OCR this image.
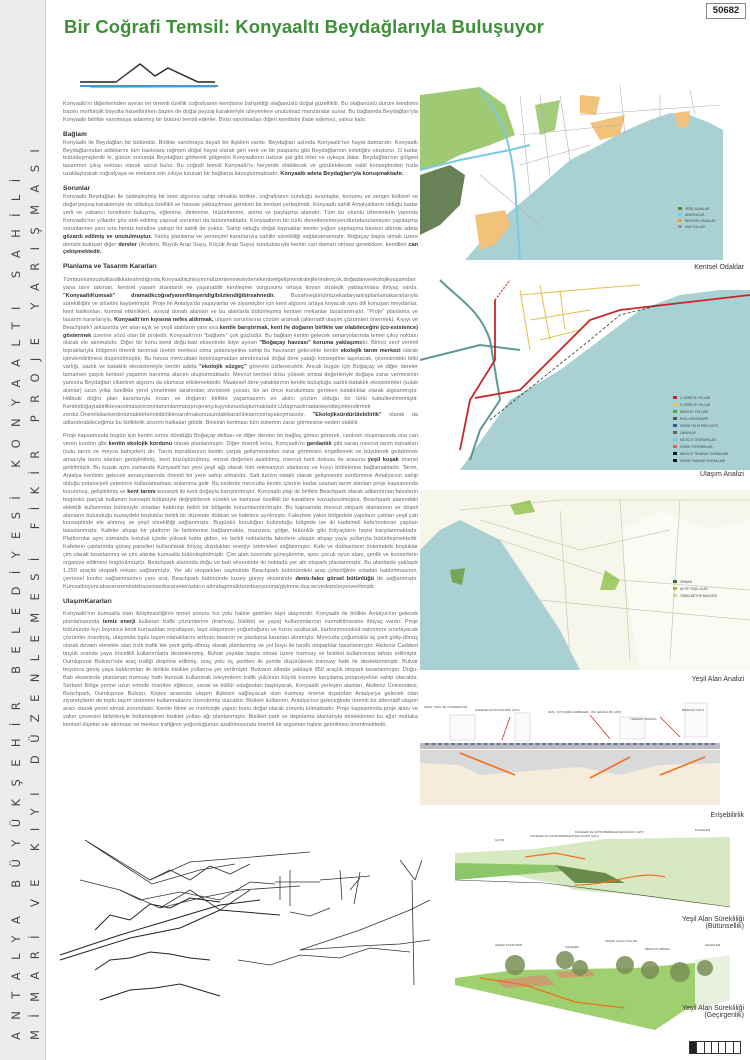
ANTALYA BÜYÜKŞEHİR BELEDİYESİ KONYAALTI SAHİLİ MİMARİ VE KIYI DÜZENLEMESİ FİKİR PROJE YARIŞMASI
50682
Bir Coğrafi Temsil: Konyaaltı Beydağlarıyla Buluşuyor

Konyaaltı'nı diğerlerinden ayıran en önemli özellik coğrafyanın kendisine bahşettiği olağanüstü doğal güzelliktir. Bu olağanüstü durum kendisini bazen morfolojik boyutta hissettirirken bazen de doğal peyzaj karakteriyle izleyenlere unutulmaz manzaralar sunar. Bu bağlamda Beydağları'yla Konyaaltı birlikte varolmaya adanmış bir bütünü temsil ederler. Birisi varolmadan diğeri kendisini ifade edemez, yalnız kalır.

Bağlam

Konyaaltı ile Beydağları bir bütündür. Birlikte varolmaya dayalı bir ilişkileri vardır. Beydağları aslında Konyaaltı'nın hayat damarıdır. Konyaaltı Beydağlarından aldıklarını tüm baskılara rağmen doğal hayat olarak geri verir ve bir paspartu gibi Beydağlarının estetiğini oluşturur. O kadar bütünleşmişlerdir ki, günün sonunda Beydağları görkemli gölgesini Konyaaltının üstüne şal gibi örter ve uykuya dalar. Beydağları'nın gölgesi tasarımın çıkış noktası olarak vücut bulur. Bu coğrafi temsil Konyaaltı'nı heryerde olabilecek ve görülebilecek sahil konseptinden hızla uzaklaştırarak coğrafyaya ve mekana sıkı sıkıya tutunan bir bağlama kavuşturmaktadır. Konyaaltı adeta Beydağları'yla konuşmaktadır.

Sorunlar

Konyaaltı Beydağları ile özdeşleşmiş bir kent algısına sahip olmakla birlikte, coğrafyanın sunduğu avantajlar, konumu ve zengin kültürel ve doğal peyzaj karakteriyle de oldukça özellikli ve hassas yaklaşılması gereken bir kentsel yerleşimdir. Konyaaltı sahili Antalyalıların olduğu kadar yerli ve yabancı turistlerin buluşma, eğlenme, dinlenme, hüzünlenme, anma ve paylaşma alanıdır. Tüm bu olumlu izlenimlerin yanında Konyaaltı'nın yıllardır göz ardı edilmiş yapısal sorunları da bulunmaktadır. Konyaaltının bir türlü denetlenemeyen/durudurulamayan yapılaşma sorunlarının yanı sıra henüz kendine yakışır bir sahili de yoktur. Sahip olduğu doğal kaynaklar kentin yoğun yapılaşma baskısı altında adeta gözardı edilmiş ve unutulmuştur. Yanlış planlama ve yerseçimi kararlarıyla sahilin sürekliliği sağlanamamıştır. Boğaçay başta olmak üzere denizle buluşan diğer dereler (Arıdere, Büyük Arap Suyu, Küçük Arap Suyu) sunduklarıyla kentin can damarı olması gerekirken, kendileri can çekişmektedir.

Planlama ve Tasarım Kararları

Tümbuolumsuzluklardikkatealındığında,Konyaaltıiçinkıyınındüzenlenmesindenekentselgelişmestratejilerindençok,doğadanveekolojikyaşamdan yana tavır takınan, kentsel yaşam standardı ve yaşanabilir kentleşme vurgusunu ortaya koyan stratejik yaklaşımlara ihtiyaç vardır. "KonyaaltıKumsalı" dramatikcoğrafyanınfilmşeridigibiizlendiğibirsahnedir.	Busahnegünümüzekadaryanlışplanlamakararlarıyla sürekliliğini ve silüetini kaybetmiştir. Proje ile Antalya'da yaşayanlar ve ziyaretçiler için kent algısını ortaya koyacak aynı dili konuşan meydanlar, kent balkonları, kumsal etkinlikleri, sosyal donatı alanları ve bu alanlarla bütünleşmiş kentsel mekanlar tasarlanmıştır. "Proje" planlama ve tasarım kararlarıyla, Konyaaltı'nın kıyısına nefes aldırmak, ulaşım sorunlarına çözüm aramak (alternatif ulaşım çözümleri önermek), Kıyıyı ve Beachpark'ı arkasında yer alan açık ve yeşil alanların yanı sıra kentle barıştırmak, kent ile doğanın birlikte var olabileceğini (co-existence) göstermek üzerine sözü olan bir projedir. Konyaaltı'nın "bağlamı" çok güçlüdür. Bu bağlam kentin gelecek senaryolarında temel çıkış noktası olarak ele alınmalıdır. Diğer bir konu kenti doğu-batı ekseninde ikiye ayıran "Boğaçay havzası" koruma yaklaşımıdır. Birinci sınıf verimli topraklarıyla bölgenin önemli tarımsal üretim merkezi olma potansiyeline sahip bu havzanın gelecekte kentin ekolojik tarım merkezi olarak işlevlendirilmesi düşünülmüştür. Bu havza mevcuttaki betonlaşmadan arındırılarak doğal dere yatağı konseptine taşınacak, çevresindeki bitki varlığı, sazlık ve bataklık ekosistemiyle kentin adeta "ekolojik süzgeç" görevini üstlenecektir. Ancak bugün için Boğaçay ve diğer dereler tamamen çarpık kentsel yaşamın barınma alanını oluşturmaktadır. Mevcut kentsel doku yüksek emsal değerleriyle doğaya zarar vermesinin yanısıra Beydağları silüetinin algısını da olumsuz etkilemektedir. Maalesef dere yataklarının kentle buluştuğu sazlık-bataklık ekosistemler (sulak alanlar) uzun yıllar özellikle yerel yönetimler tarafından sivrisinek yuvası, bir an önce kurutulması gereken bataklıklar olarak algılanmıştır. Hâlbuki doğru plan kararlarıyla insan ve doğanın birlikte yaşamasının en akılcı çözüm olduğu bir türlü kabullenilmemiştir. Kentindoğaylabirliktevarolmasürecinintanımlanmasıprojeninçıkışyolunuoluşturmaktadır.Uzlaşmaolmadankentibiçimlendirmek zordur.Önemliolankentintümaktörlerininbirliktevarolmakonusundakikararlılıklarınıortayakoymasıdır. "Ekolojiksürdürülebilirlik" olarak da adlandırabileceğimiz bu birliktelik zincirin halkaları gibidir. Birisinin kırılması tüm sistemin zarar görmesine neden olabilir.

Proje kapsamında bugün için kentin sırtını döndüğü Boğaçay deltası ve diğer dereler bir bağlaç görevi görerek, canlının oluşmasında ona can veren kordon gibi kentin ekolojik kordonu olarak planlanmıştır. Diğer önemli konu, Konyaaltı'nı gerdanlık gibi saran mevcut tarım toprakları (sulu tarım ve meyva bahçeleri) dır. Tarım topraklarının kentin çarpık gelişmesinden zarar görmesini engellemek ve büyüterek geliştirmek amacıyla tarım alanları genişletilmiş, kent büzüştürülmüş, emsal değerleri azaltılmış, mevcut kent dokusu ile arasına yeşil kuşak önerisi getirilmiştir. Bu kuşak aynı zamanda Konyaaltı'nın yeni yeşil ağı olarak tüm rekreasyon alanlarını ve kıyıyı birbirlerine bağlamaktadır. Tarım, Antalya kentinin gelecek senaryolarında önemli bir yere sahip olmalıdır. Salt turizm odaklı olarak gelişmesini sürdürmesi Antalya'nın sahip olduğu potansiyeli yeterince kullanamaması anlamına gelir. Bu nedenle mevcutta kentin içlerine kadar uzanan tarım alanları proje kapsamında korunmuş, geliştirilmiş ve kent tarımı konsepti ile kent doğayla barıştırılmıştır. Konyaaltı plajı ile birlikte Beachpark olarak adlandırılan falezlerin bugünkü parçalı kullanım konsepti bütünüyle değiştirilerek sürekli ve kamusal özellikli bir karaktere kavuşturulmuştur. Beachpark alanındaki eklektik kullanımlar bütünüyle ortadan kaldırılıp belirli bir bölgede konumlandırılmıştır. Bu kapsamda mevcut otopark alanlarının ve döşeli alanların bulunduğu kuzeydeki boşluklar belirli bir düzende dükkan ve kafelere ayrılmıştır. Falezlere yakın bölgedeki yapıların çatıları yeşil çatı konseptinde ele alınmış ve yeşil sürekliliği sağlanmıştır. Bugünkü koruluğun bulunduğu bölgede ise iki kademeli kafe/restoran yapıları tasarlanmıştır. Kafeler ahşap bir platform ile birbirlerine bağlanmakta, manzara, gölge, bütünlük gibi ihtiyaçların hepsi karşılanmaktadır. Platformlar aynı zamanda koruluk içinde yüksek kotta giden, ve belirli noktalarda falezlere ulaşan ahşap yaya yollarıyla bütünleşmektedir. Kafelerin çatılarında güneş panelleri kullanılarak ihtiyaç duydukları enerjiyi üretmeleri sağlanmıştır. Kafe ve dükkanların önlerindeki boşluklar çim olarak tasarlanmış ve çim alanlar kumsalla bütünleştirilmiştir. Çim alan üzerinde güneşlenme, spor, çocuk oyun alanı, şenlik ve konserlerin organize edilmesi öngörülmüştür. Beachpark alanında doğu ve batı ekseninde iki noktada yer altı otopark planlanmıştır. Bu alanlarda yaklaşık 1.250 araçlık otopark imkanı sağlanmıştır. Yer altı otoparkları sayesinde Beachpark bütünündeki araç çirkinliğinin ortadan kaldırılmasının, çevresel konfor sağlanmasının yanı sıra, Beachpark bütününde kuzey güney ekseninde deniz-falez görsel bütünlüğü de sağlanmıştır. Kumsalboyuncabazenzemindebazeniseduvarveterasların altındagömüktarzdasoyunma/giyinme,duş,wcvedepolaryerverilmiştir.

UlaşımKararları

Konyaaltı'nın kumsalla olan iletişimsizliğinin temel sorunu hız yolu haline getirilen taşıt ulaşımıdır. Konyaaltı ile birlikte Antalya'nın gelecek planlamasında temiz enerji kullanan trafik çözümlerine (tramvay, bisiklet ve yaya) kullanımlarının özendirilmesine ihtiyaç vardır. Proje bütününde kıyı boyunca kenti kumsaldan soyutlayan, taşıt ulaşımının yoğunluğunu ve hızını azaltacak, karbonmonoksit salınımını sınırlayacak çözümler önerilmiş, ulaşımda toplu taşım olanaklarını arttıran tasarım ve planlama kararları alınmıştır. Mevcutta çoğunlukla üç şerit gidiş-dönüş olarak devam etmekte olan hızlı trafik tek şerit gidiş-dönüş olarak planlanmış ve yol boyu iki taraflı otoparklar tasarlanmıştır. Akdeniz Caddesi büyük oranda yaya öncelikli kullanımlarla desteklenmiş, Bulvar yayalar başta olmak üzere tramvay ve bisiklet kullanımına tahsis edilmiştir. Dumlupınar Bulvarı'nda araç trafiği disipline edilmiş, araç yolu üç şeritten iki şeride düşürülerek tramvay hattı ile desteklenmiştir. Bulvar boyunca geniş yaya kaldırımları ile birlikte bisiklet yollarına yer verilmiştir. Bulvarın altında yaklaşık 850 araçlık otopark tasarlanmıştır. Doğu-Batı ekseninde planlanan tramvay hattı kumsalı kullanmak isteyenlerin trafik yükünün büyük kısmını karşılama potansiyeline sahip olacaktır. Serbest Bölge yerine uzun erimde önerilen eğlence, sanat ve kültür odağından başlayarak, Konyaaltı yerleşim alanları, Akdeniz Üniversitesi, Beachpark, Dumlupınar Bulvarı, Kepez arasında ulaşım ilişkisini sağlayacak olan tramvay önerisi dışarıdan Antalya'ya gelecek olan ziyaretçilerin de toplu taşım sistemini kullanmalarını özendirmiş olacaktır. Bisiklet kullanımı, Antalya'nın geleceğinde önemli bir alternatif ulaşım aracı olarak yerini almak zorundadır. Kentin iklimi ve morfolojik yapısı bunu doğal olarak zorunlu kılmaktadır. Proje kapsamında proje alanı ve yakın çevresini birbirleriyle bütünleştiren bisiklet yolları ağı planlanmıştır. Bisiklet park ve depolama alanlarıyla desteklenen bu ağın mutlaka kentsel ölçekte ele alınması ve merkez trafiğinin yoğunluğunun azaltılmasında önemli bir argüman haline getirilmesi önerilmektedir.

YEŞİL ALANLAR
AKARSULAR
KENTSEL ODAKLAR
ANA YOLLAR
Kentsel Odaklar
1. DERECE YOLLAR
2. DERECE YOLLAR
BİSİKLET YOLLARI
RAYLI SİSTEMLER
ÖNERİ TELEFERİK HATTI
LİMANLAR
MEVCUT OTOPARKLAR
ÖNERİ OTOPARKLAR
MEVCUT TRAMVAY DURAKLARI
ÖNERİ TRAMVAY DURAKLARI
Ulaşım Analizi
ORMAN
AKTİF YEŞİL ALAN
TARIM-MEYVE BAHÇESİ
Yeşil Alan Analizi
ARAÇ YOLU VE OTOPARKLAR
KAFELER (FOTOVOLTAİK ÇATI)	DUŞ - SOYUNMA KABİNLERİ - WC (EKOLOJİK ÇATI)
TRAMVAY DURAĞI
BİSİKLET YOLU
Erişebilirlik
ÇAYIR
KAFELER VE SATIŞ BİRİMLERİ (EKOLOJİK ÇATI)
KAFELER VE SATIŞ BİRİMLERİ (EKOLOJİK ÇATI)	FALEZLER
Yeşil Alan Sürekliliği
(Bütünsellik)
AHŞAP PLATFORM	KAFELER
AHŞAP UÇAN YOLLAR
MEVCUT ORMAN
FALEZLER
Yeşil Alan Sürekliliği
(Geçirgenlik)
